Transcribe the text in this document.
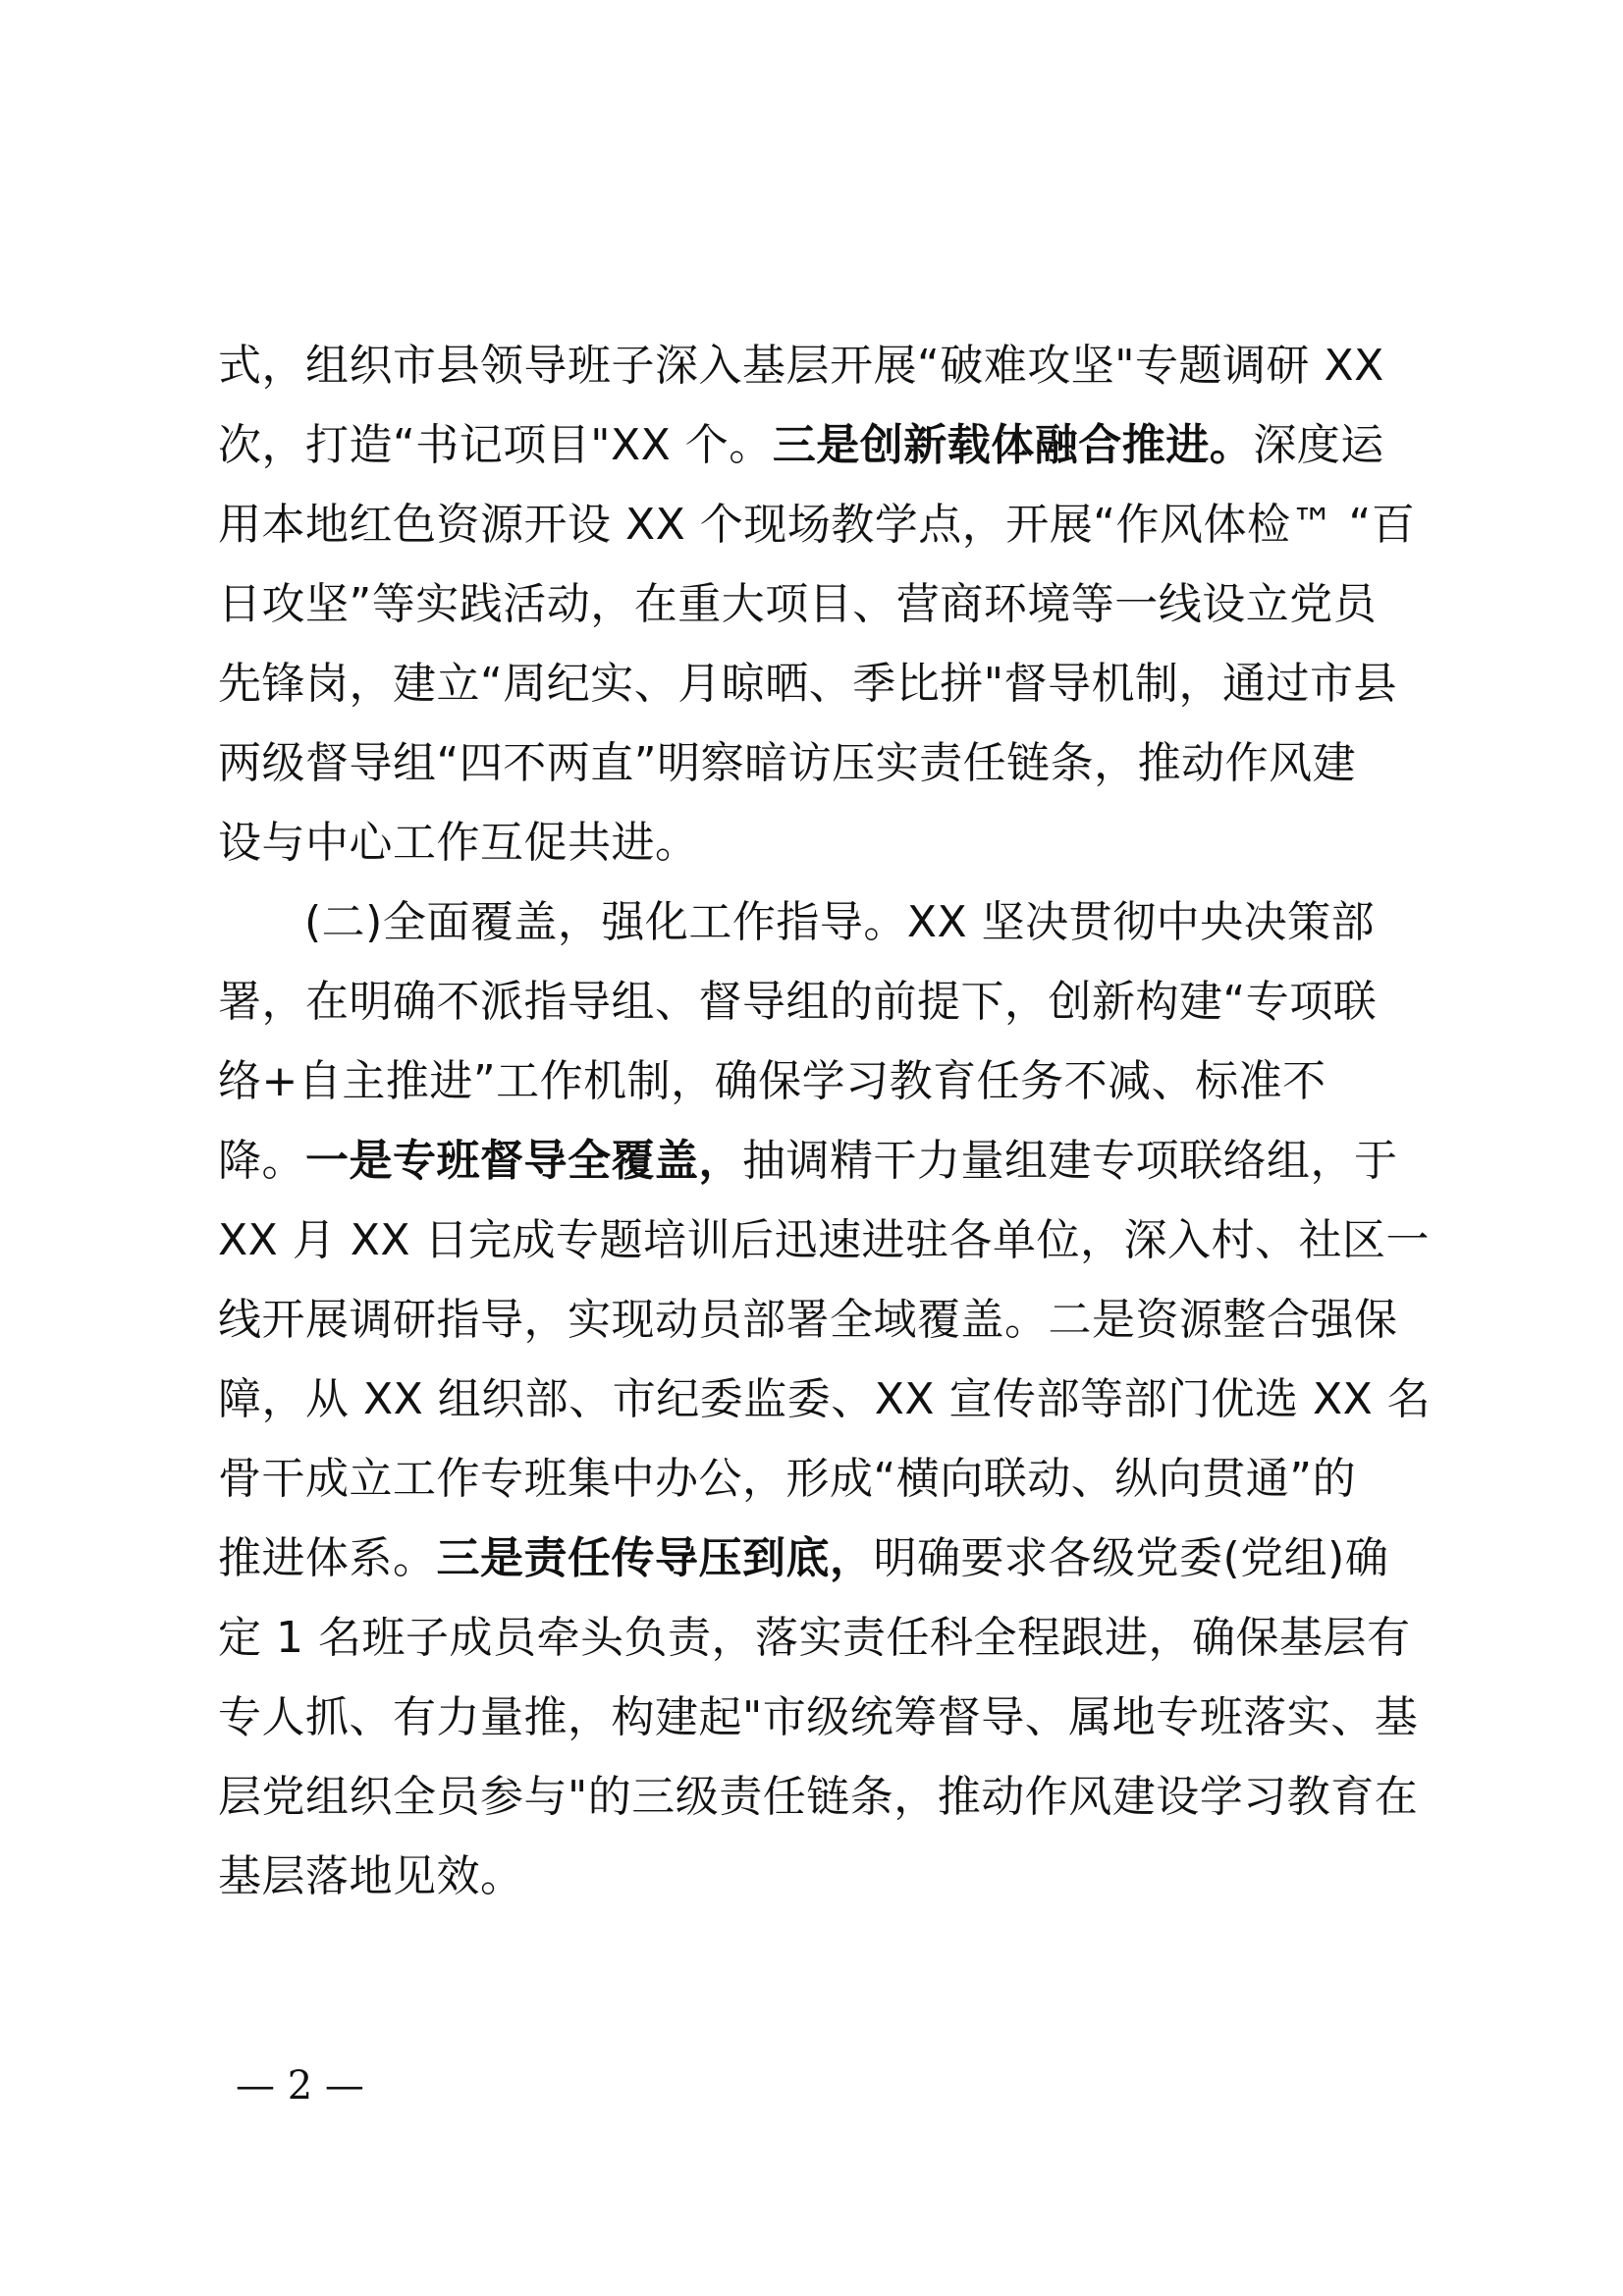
式，组织市县领导班子深入基层开展“破难攻坚"专题调研 XX
次，打造“书记项目"XX 个。三是创新载体融合推进。深度运
用本地红色资源开设 XX 个现场教学点，开展“作风体检™ “百
日攻坚”等实践活动，在重大项目、营商环境等一线设立党员
先锋岗，建立“周纪实、月晾晒、季比拼"督导机制，通过市县
两级督导组“四不两直”明察暗访压实责任链条，推动作风建
设与中心工作互促共进。
(二)全面覆盖，强化工作指导。XX 坚决贯彻中央决策部
署，在明确不派指导组、督导组的前提下，创新构建“专项联
络+自主推进”工作机制，确保学习教育任务不减、标准不
降。一是专班督导全覆盖，抽调精干力量组建专项联络组，于
XX 月 XX 日完成专题培训后迅速进驻各单位，深入村、社区一
线开展调研指导，实现动员部署全域覆盖。二是资源整合强保
障，从 XX 组织部、市纪委监委、XX 宣传部等部门优选 XX 名
骨干成立工作专班集中办公，形成“横向联动、纵向贯通”的
推进体系。三是责任传导压到底，明确要求各级党委(党组)确
定 1 名班子成员牵头负责，落实责任科全程跟进，确保基层有
专人抓、有力量推，构建起"市级统筹督导、属地专班落实、基
层党组织全员参与"的三级责任链条，推动作风建设学习教育在
基层落地见效。
— 2 —
